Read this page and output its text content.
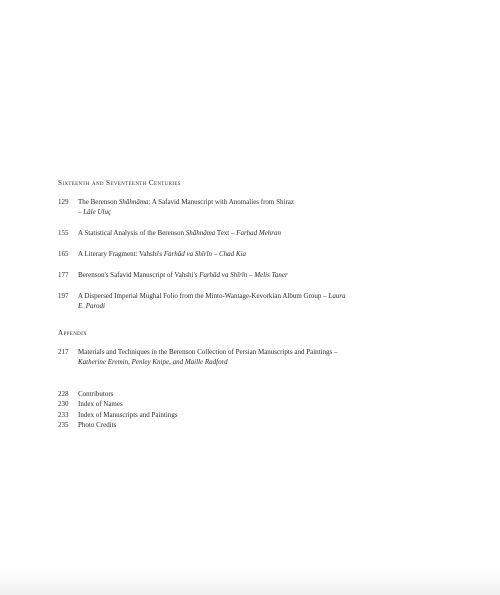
Sixteenth and Seventeenth Centuries
129	The Berenson Shāhnāma: A Safavid Manuscript with Anomalies from Shiraz
– Lâle Uluç
155	A Statistical Analysis of the Berenson Shāhnāma Text – Farhad Mehran
165	A Literary Fragment: Vahshi's Farhād va Shīrīn – Chad Kia
177	Berenson's Safavid Manuscript of Vahshi's Farhād va Shīrīn – Melis Taner
197	A Dispersed Imperial Mughal Folio from the Minto-Wantage-Kevorkian Album Group – Laura E. Parodi
Appendix
217	Materials and Techniques in the Berenson Collection of Persian Manuscripts and Paintings – Katherine Eremin, Penley Knipe, and Maille Radford
228	Contributors
230	Index of Names
233	Index of Manuscripts and Paintings
235	Photo Credits
